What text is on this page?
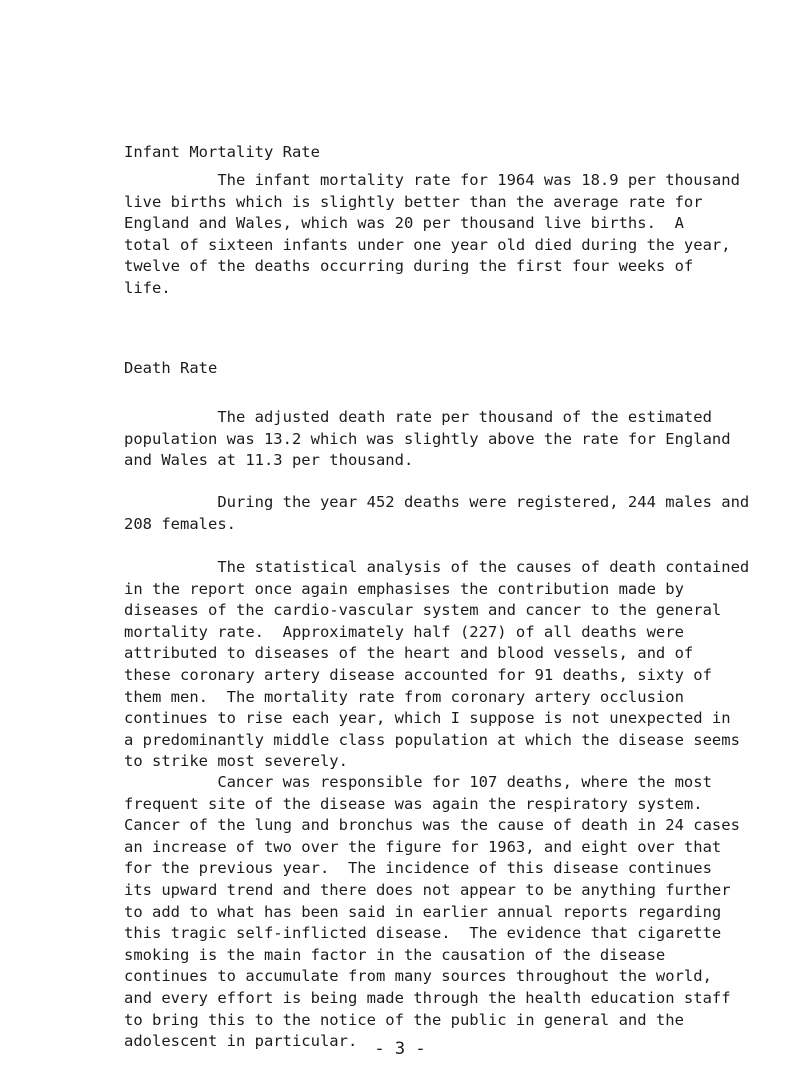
Infant Mortality Rate
The infant mortality rate for 1964 was 18.9 per thousand
live births which is slightly better than the average rate for
England and Wales, which was 20 per thousand live births.  A
total of sixteen infants under one year old died during the year,
twelve of the deaths occurring during the first four weeks of
life.
Death Rate
The adjusted death rate per thousand of the estimated
population was 13.2 which was slightly above the rate for England
and Wales at 11.3 per thousand.
During the year 452 deaths were registered, 244 males and
208 females.
The statistical analysis of the causes of death contained
in the report once again emphasises the contribution made by
diseases of the cardio-vascular system and cancer to the general
mortality rate.  Approximately half (227) of all deaths were
attributed to diseases of the heart and blood vessels, and of
these coronary artery disease accounted for 91 deaths, sixty of
them men.  The mortality rate from coronary artery occlusion
continues to rise each year, which I suppose is not unexpected in
a predominantly middle class population at which the disease seems
to strike most severely.
Cancer was responsible for 107 deaths, where the most
frequent site of the disease was again the respiratory system.
Cancer of the lung and bronchus was the cause of death in 24 cases
an increase of two over the figure for 1963, and eight over that
for the previous year.  The incidence of this disease continues
its upward trend and there does not appear to be anything further
to add to what has been said in earlier annual reports regarding
this tragic self-inflicted disease.  The evidence that cigarette
smoking is the main factor in the causation of the disease
continues to accumulate from many sources throughout the world,
and every effort is being made through the health education staff
to bring this to the notice of the public in general and the
adolescent in particular.	- 3 -
